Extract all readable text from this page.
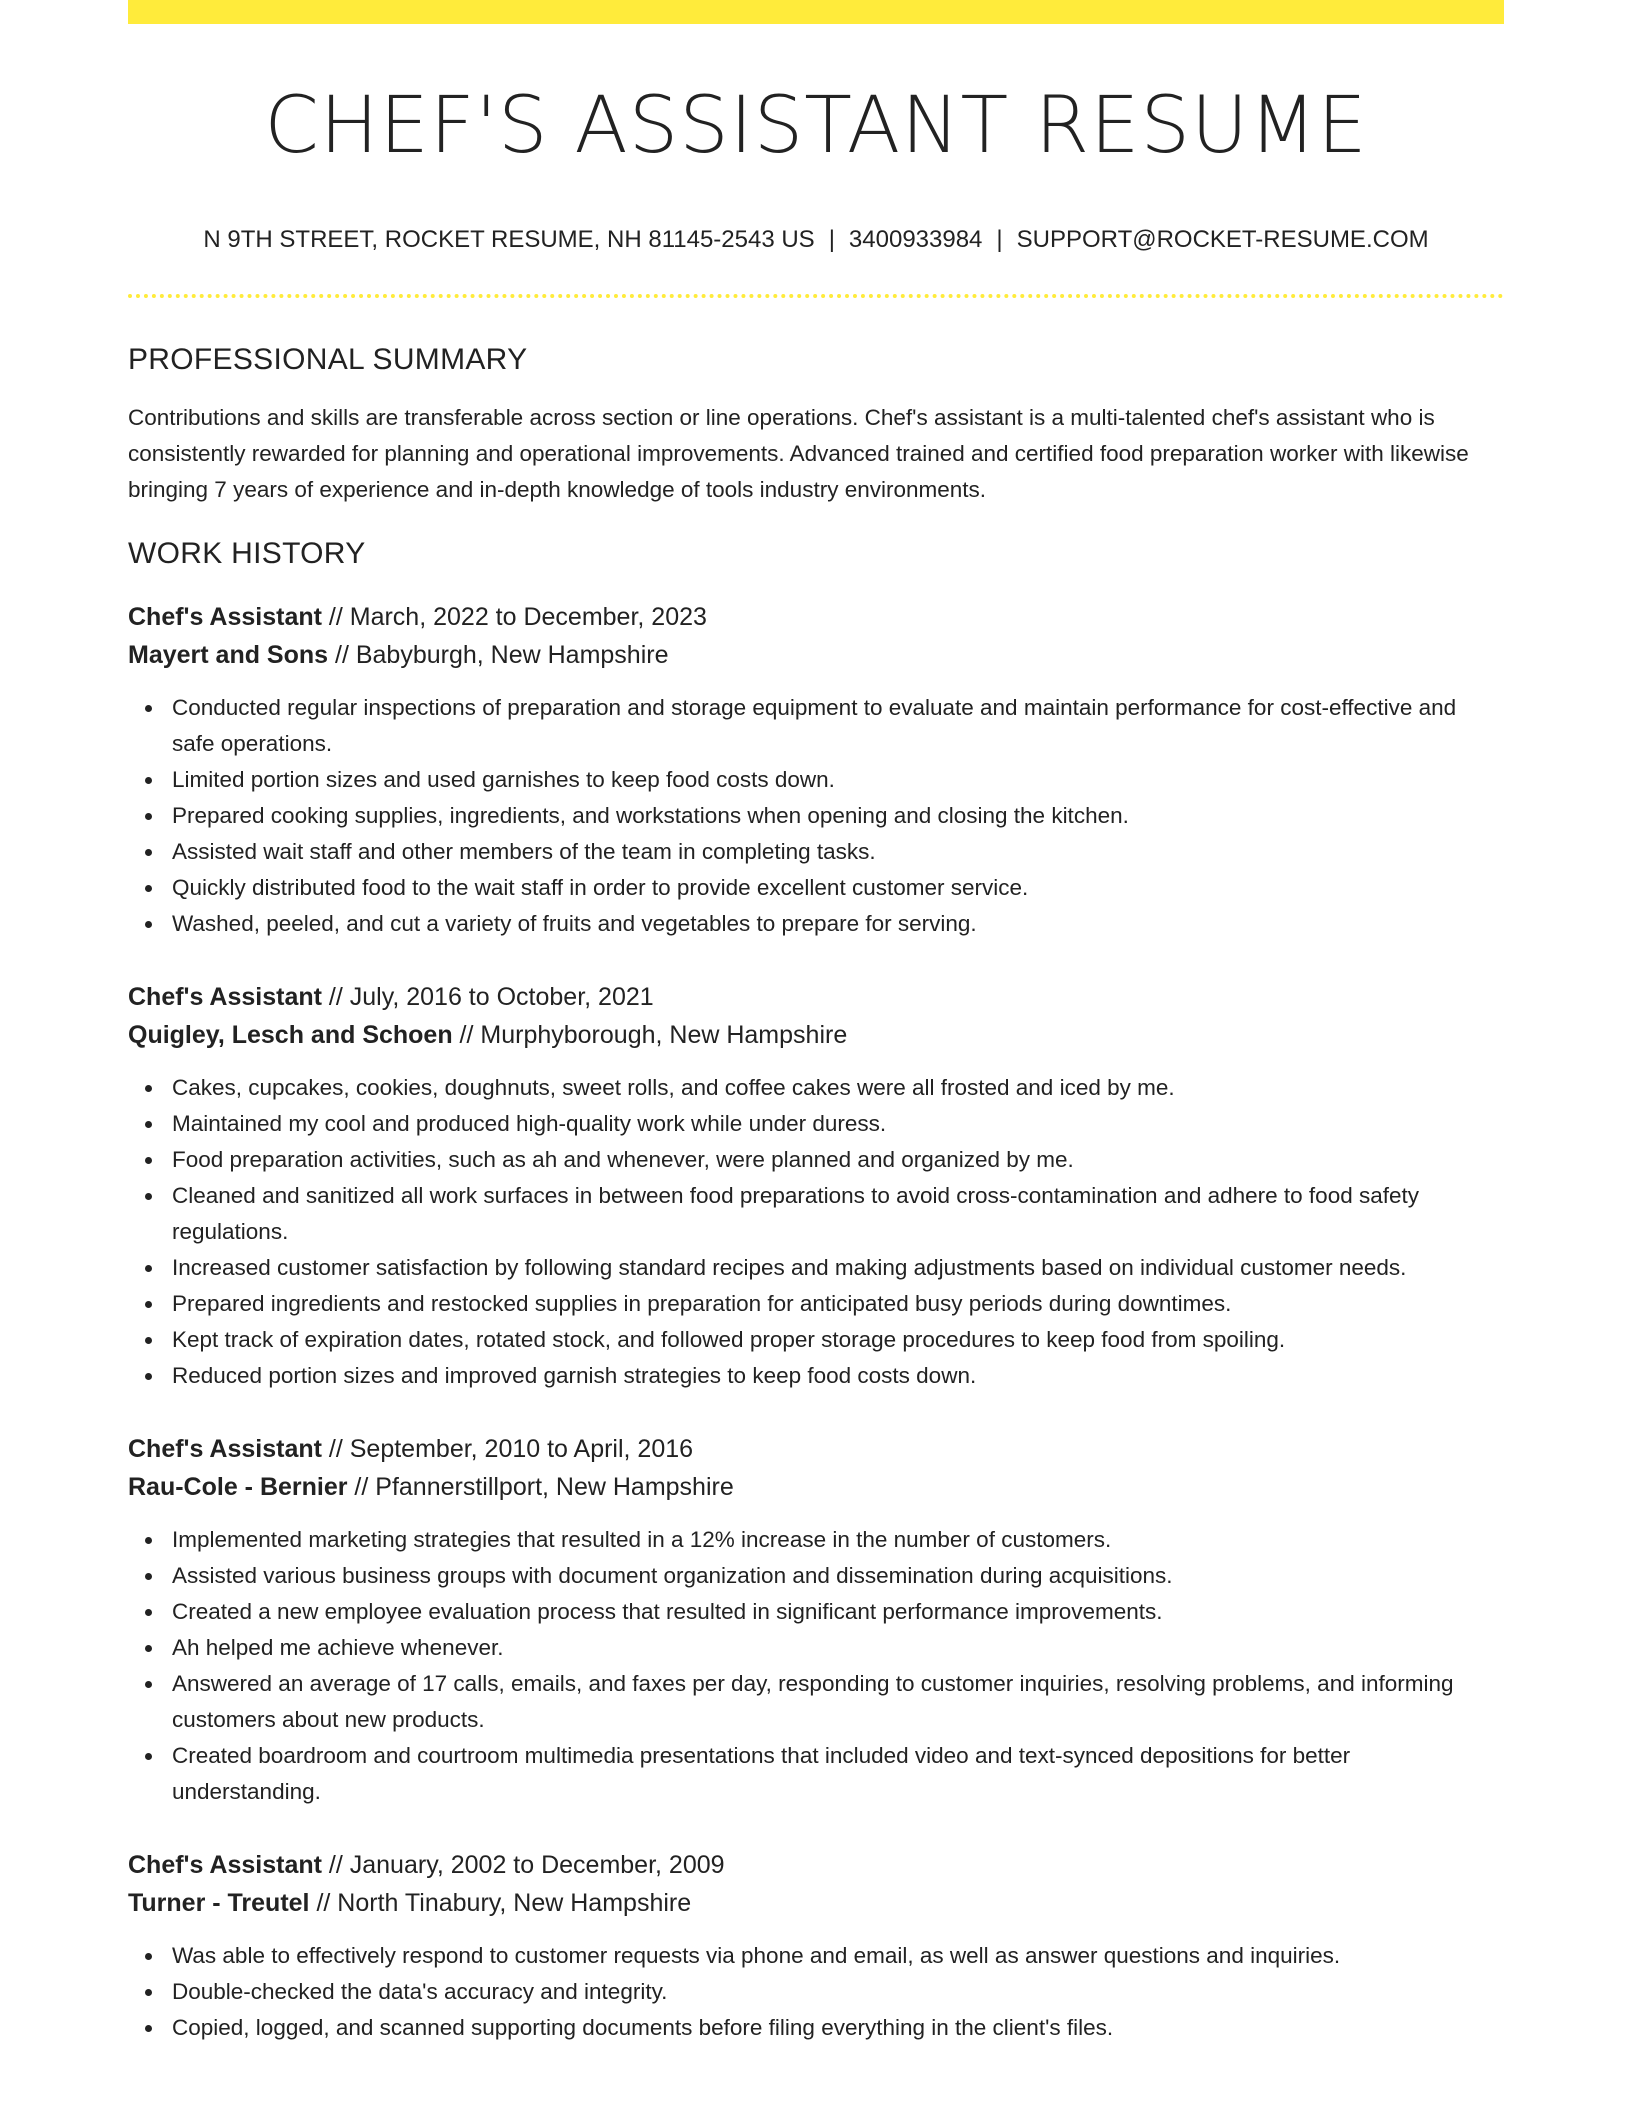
CHEF'S ASSISTANT RESUME
N 9TH STREET, ROCKET RESUME, NH 81145-2543 US | 3400933984 | SUPPORT@ROCKET-RESUME.COM
PROFESSIONAL SUMMARY

Contributions and skills are transferable across section or line operations. Chef's assistant is a multi-talented chef's assistant who is consistently rewarded for planning and operational improvements. Advanced trained and certified food preparation worker with likewise bringing 7 years of experience and in-depth knowledge of tools industry environments.

WORK HISTORY
Chef's Assistant // March, 2022 to December, 2023
Mayert and Sons // Babyburgh, New Hampshire
Conducted regular inspections of preparation and storage equipment to evaluate and maintain performance for cost-effective and safe operations.
Limited portion sizes and used garnishes to keep food costs down.
Prepared cooking supplies, ingredients, and workstations when opening and closing the kitchen.
Assisted wait staff and other members of the team in completing tasks.
Quickly distributed food to the wait staff in order to provide excellent customer service.
Washed, peeled, and cut a variety of fruits and vegetables to prepare for serving.
Chef's Assistant // July, 2016 to October, 2021
Quigley, Lesch and Schoen // Murphyborough, New Hampshire
Cakes, cupcakes, cookies, doughnuts, sweet rolls, and coffee cakes were all frosted and iced by me.
Maintained my cool and produced high-quality work while under duress.
Food preparation activities, such as ah and whenever, were planned and organized by me.
Cleaned and sanitized all work surfaces in between food preparations to avoid cross-contamination and adhere to food safety regulations.
Increased customer satisfaction by following standard recipes and making adjustments based on individual customer needs.
Prepared ingredients and restocked supplies in preparation for anticipated busy periods during downtimes.
Kept track of expiration dates, rotated stock, and followed proper storage procedures to keep food from spoiling.
Reduced portion sizes and improved garnish strategies to keep food costs down.
Chef's Assistant // September, 2010 to April, 2016
Rau-Cole - Bernier // Pfannerstillport, New Hampshire
Implemented marketing strategies that resulted in a 12% increase in the number of customers.
Assisted various business groups with document organization and dissemination during acquisitions.
Created a new employee evaluation process that resulted in significant performance improvements.
Ah helped me achieve whenever.
Answered an average of 17 calls, emails, and faxes per day, responding to customer inquiries, resolving problems, and informing customers about new products.
Created boardroom and courtroom multimedia presentations that included video and text-synced depositions for better understanding.
Chef's Assistant // January, 2002 to December, 2009
Turner - Treutel // North Tinabury, New Hampshire
Was able to effectively respond to customer requests via phone and email, as well as answer questions and inquiries.
Double-checked the data's accuracy and integrity.
Copied, logged, and scanned supporting documents before filing everything in the client's files.
